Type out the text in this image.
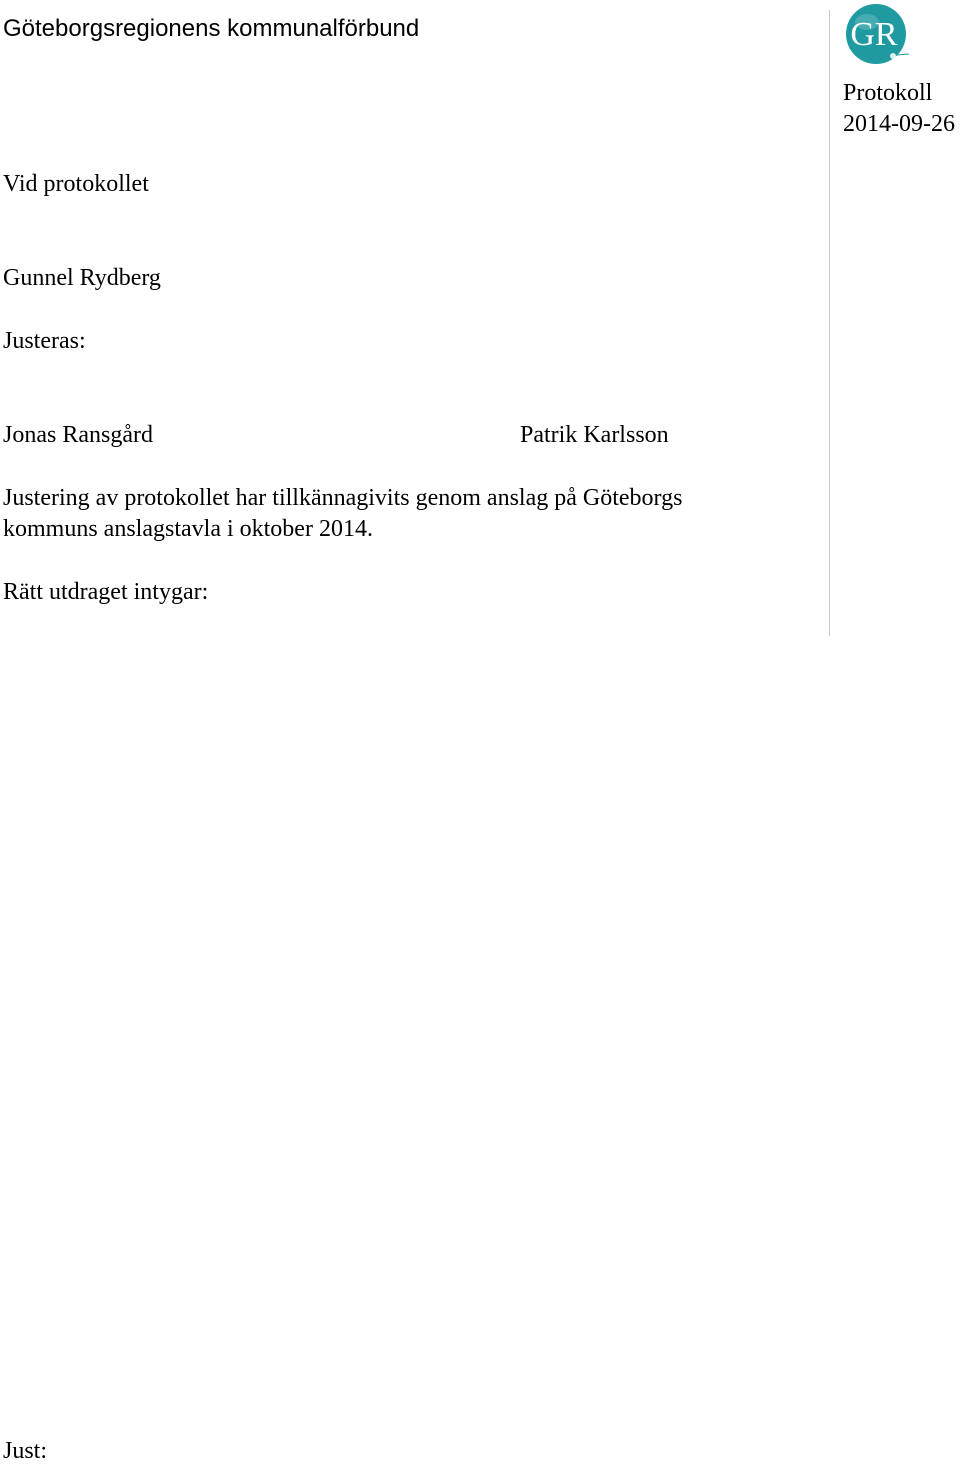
Göteborgsregionens kommunalförbund	GR
Protokoll
2014-09-26
Vid protokollet
Gunnel Rydberg
Justeras:
Jonas Ransgård	Patrik Karlsson
Justering av protokollet har tillkännagivits genom anslag på Göteborgs
kommuns anslagstavla i oktober 2014.
Rätt utdraget intygar:
Just:
